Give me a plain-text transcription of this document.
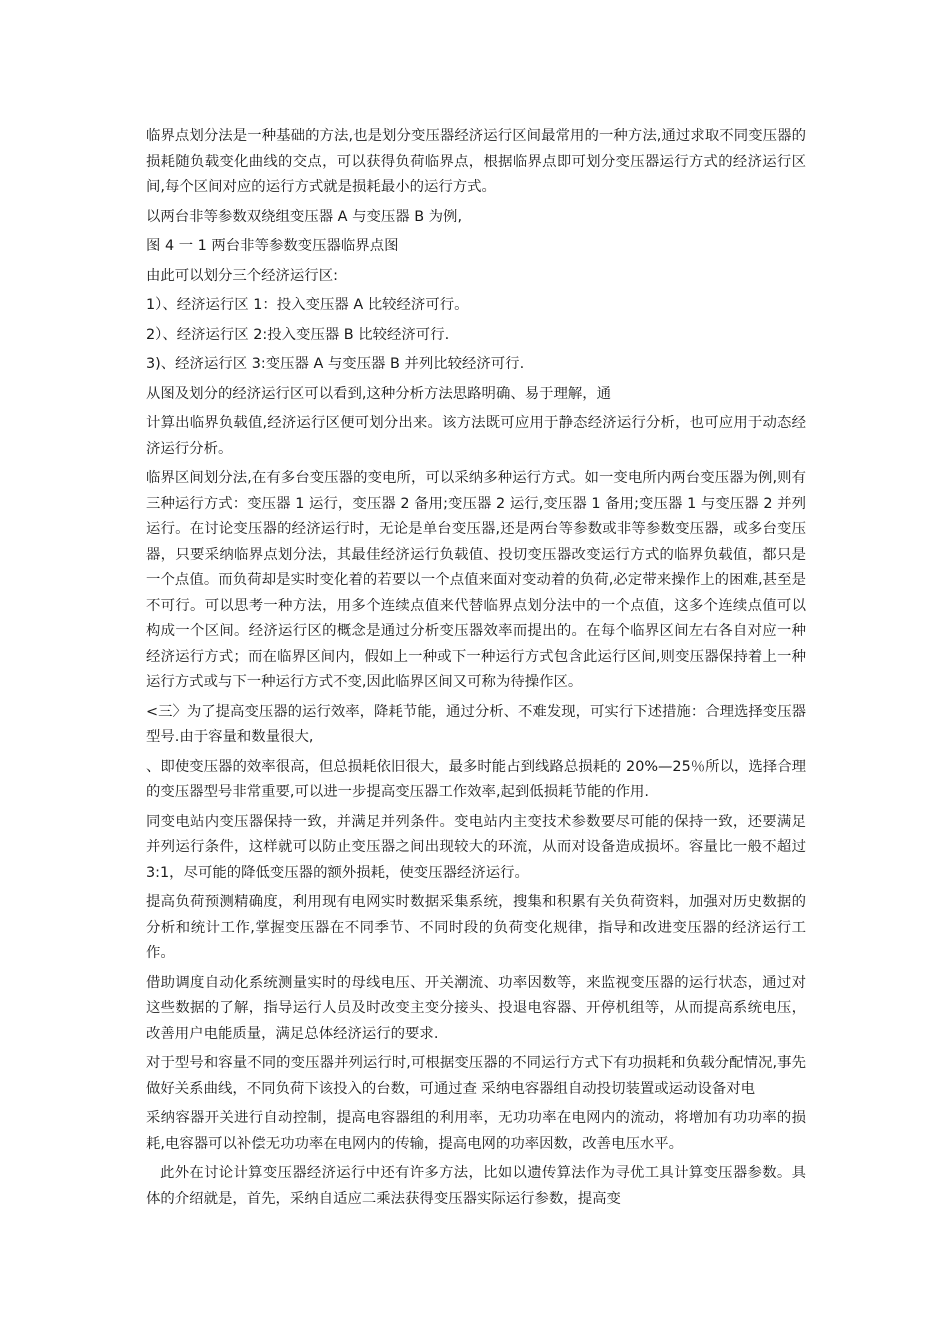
临界点划分法是一种基础的方法,也是划分变压器经济运行区间最常用的一种方法,通过求取不同变压器的损耗随负载变化曲线的交点，可以获得负荷临界点，根据临界点即可划分变压器运行方式的经济运行区间,每个区间对应的运行方式就是损耗最小的运行方式。

以两台非等参数双绕组变压器 A 与变压器 B 为例,

图 4 一 1 两台非等参数变压器临界点图

由此可以划分三个经济运行区:

1）、经济运行区 1：投入变压器 A 比较经济可行。

2）、经济运行区 2:投入变压器 B 比较经济可行.

3)、经济运行区 3:变压器 A 与变压器 B 并列比较经济可行.

从图及划分的经济运行区可以看到,这种分析方法思路明确、易于理解，通

计算出临界负载值,经济运行区便可划分出来。该方法既可应用于静态经济运行分析，也可应用于动态经济运行分析。

临界区间划分法,在有多台变压器的变电所，可以采纳多种运行方式。如一变电所内两台变压器为例,则有三种运行方式：变压器 1 运行，变压器 2 备用;变压器 2 运行,变压器 1 备用;变压器 1 与变压器 2 并列运行。在讨论变压器的经济运行时，无论是单台变压器,还是两台等参数或非等参数变压器，或多台变压器，只要采纳临界点划分法，其最佳经济运行负载值、投切变压器改变运行方式的临界负载值，都只是一个点值。而负荷却是实时变化着的若要以一个点值来面对变动着的负荷,必定带来操作上的困难,甚至是不可行。可以思考一种方法，用多个连续点值来代替临界点划分法中的一个点值，这多个连续点值可以构成一个区间。经济运行区的概念是通过分析变压器效率而提出的。在每个临界区间左右各自对应一种经济运行方式；而在临界区间内，假如上一种或下一种运行方式包含此运行区间,则变压器保持着上一种运行方式或与下一种运行方式不变,因此临界区间又可称为待操作区。

<三〉为了提高变压器的运行效率，降耗节能，通过分析、不难发现，可实行下述措施：合理选择变压器型号.由于容量和数量很大,

、即使变压器的效率很高，但总损耗依旧很大，最多时能占到线路总损耗的 20%—25％所以，选择合理的变压器型号非常重要,可以进一步提高变压器工作效率,起到低损耗节能的作用.

同变电站内变压器保持一致，并满足并列条件。变电站内主变技术参数要尽可能的保持一致，还要满足并列运行条件，这样就可以防止变压器之间出现较大的环流，从而对设备造成损坏。容量比一般不超过 3:1，尽可能的降低变压器的额外损耗，使变压器经济运行。

提高负荷预测精确度，利用现有电网实时数据采集系统，搜集和积累有关负荷资料，加强对历史数据的分析和统计工作,掌握变压器在不同季节、不同时段的负荷变化规律，指导和改进变压器的经济运行工作。

借助调度自动化系统测量实时的母线电压、开关潮流、功率因数等，来监视变压器的运行状态，通过对这些数据的了解，指导运行人员及时改变主变分接头、投退电容器、开停机组等，从而提高系统电压，改善用户电能质量，满足总体经济运行的要求.

对于型号和容量不同的变压器并列运行时,可根据变压器的不同运行方式下有功损耗和负载分配情况,事先做好关系曲线，不同负荷下该投入的台数，可通过查 采纳电容器组自动投切装置或运动设备对电

采纳容器开关进行自动控制，提高电容器组的利用率，无功功率在电网内的流动，将增加有功功率的损耗,电容器可以补偿无功功率在电网内的传输，提高电网的功率因数，改善电压水平。

此外在讨论计算变压器经济运行中还有许多方法，比如以遗传算法作为寻优工具计算变压器参数。具体的介绍就是，首先，采纳自适应二乘法获得变压器实际运行参数，提高变
